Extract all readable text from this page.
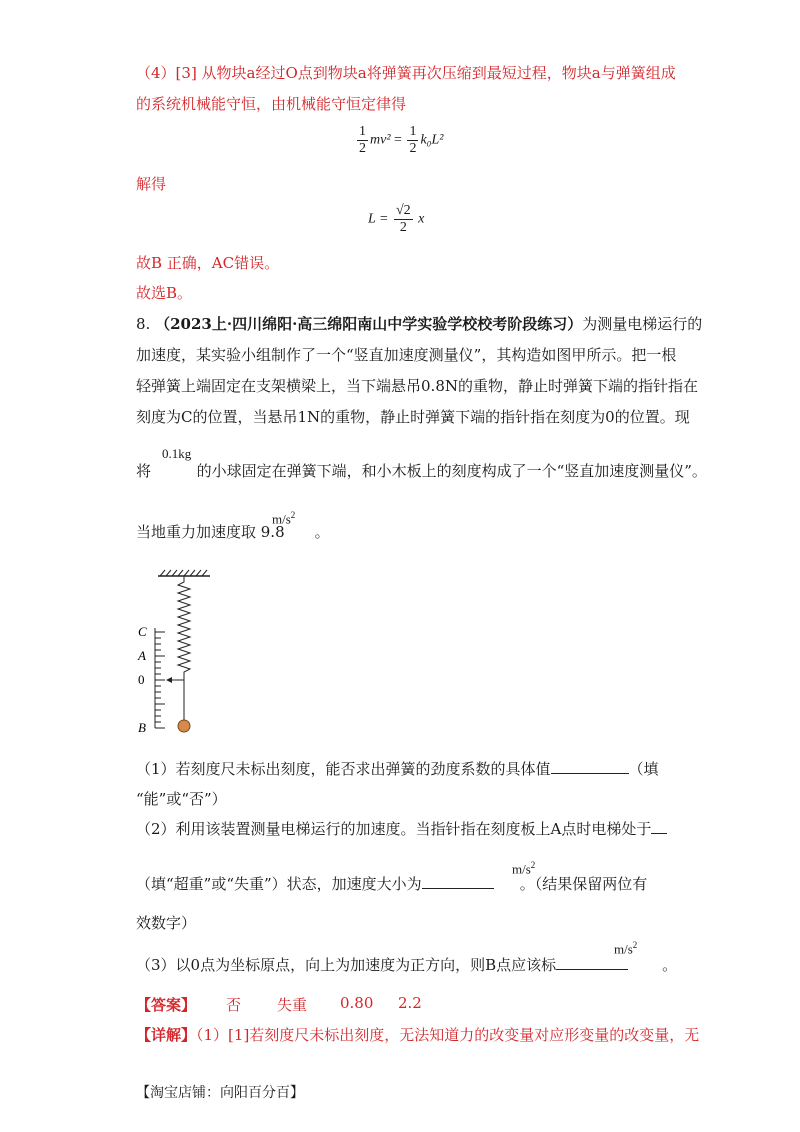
（4）[3] 从物块a经过O点到物块a将弹簧再次压缩到最短过程，物块a与弹簧组成
的系统机械能守恒，由机械能守恒定律得
$\frac{1}{2} mv^2 = \frac{1}{2} k_0L^2$
解得
$L = \frac{√2}{2}$ x
故B 正确，AC错误。
故选B。
8. （2023上·四川绵阳·高三绵阳南山中学实验学校校考阶段练习）为测量电梯运行的
加速度，某实验小组制作了一个“竖直加速度测量仪”，其构造如图甲所示。把一根
轻弹簧上端固定在支架横梁上，当下端悬吊0.8N的重物，静止时弹簧下端的指针指在
刻度为C的位置，当悬吊1N的重物，静止时弹簧下端的指针指在刻度为0的位置。现
将	的小球固定在弹簧下端，和小木板上的刻度构成了一个“竖直加速度测量仪”。
0.1kg
当地重力加速度取 9.8 。
$m/s^2$
C
A
0
B
（1）若刻度尺未标出刻度，能否求出弹簧的劲度系数的具体值	（填
“能”或“否”）
（2）利用该装置测量电梯运行的加速度。当指针指在刻度板上A点时电梯处于
（填“超重”或“失重”）状态，加速度大小为	。（结果保留两位有
$m/s^2$
效数字）
（3）以0点为坐标原点，向上为加速度为正方向，则B点应该标	。
$m/s^2$
【答案】 否 失重 0.80 2.2
【详解】（1）[1]若刻度尺未标出刻度，无法知道力的改变量对应形变量的改变量，无
【淘宝店铺：向阳百分百】
